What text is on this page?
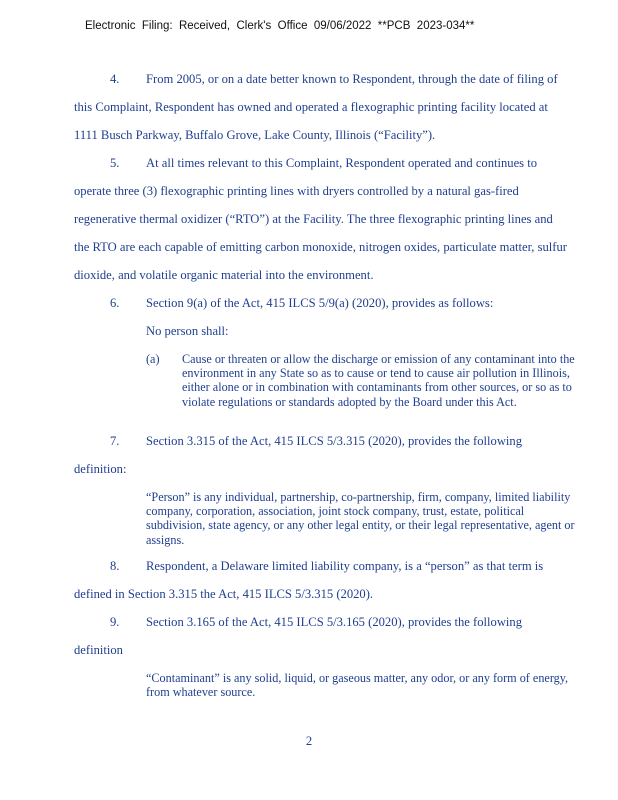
Electronic  Filing:  Received,  Clerk's  Office  09/06/2022  **PCB  2023-034**
4. From 2005, or on a date better known to Respondent, through the date of filing of
this Complaint, Respondent has owned and operated a flexographic printing facility located at
1111 Busch Parkway, Buffalo Grove, Lake County, Illinois (“Facility”).
5. At all times relevant to this Complaint, Respondent operated and continues to
operate three (3) flexographic printing lines with dryers controlled by a natural gas-fired
regenerative thermal oxidizer (“RTO”) at the Facility. The three flexographic printing lines and
the RTO are each capable of emitting carbon monoxide, nitrogen oxides, particulate matter, sulfur
dioxide, and volatile organic material into the environment.
6. Section 9(a) of the Act, 415 ILCS 5/9(a) (2020), provides as follows:
No person shall:
(a)	Cause or threaten or allow the discharge or emission of any contaminant into the environment in any State so as to cause or tend to cause air pollution in Illinois, either alone or in combination with contaminants from other sources, or so as to violate regulations or standards adopted by the Board under this Act.
7. Section 3.315 of the Act, 415 ILCS 5/3.315 (2020), provides the following
definition:

“Person” is any individual, partnership, co-partnership, firm, company, limited liability company, corporation, association, joint stock company, trust, estate, political subdivision, state agency, or any other legal entity, or their legal representative, agent or assigns.

8. Respondent, a Delaware limited liability company, is a “person” as that term is
defined in Section 3.315 the Act, 415 ILCS 5/3.315 (2020).
9. Section 3.165 of the Act, 415 ILCS 5/3.165 (2020), provides the following
definition

“Contaminant” is any solid, liquid, or gaseous matter, any odor, or any form of energy, from whatever source.

2
